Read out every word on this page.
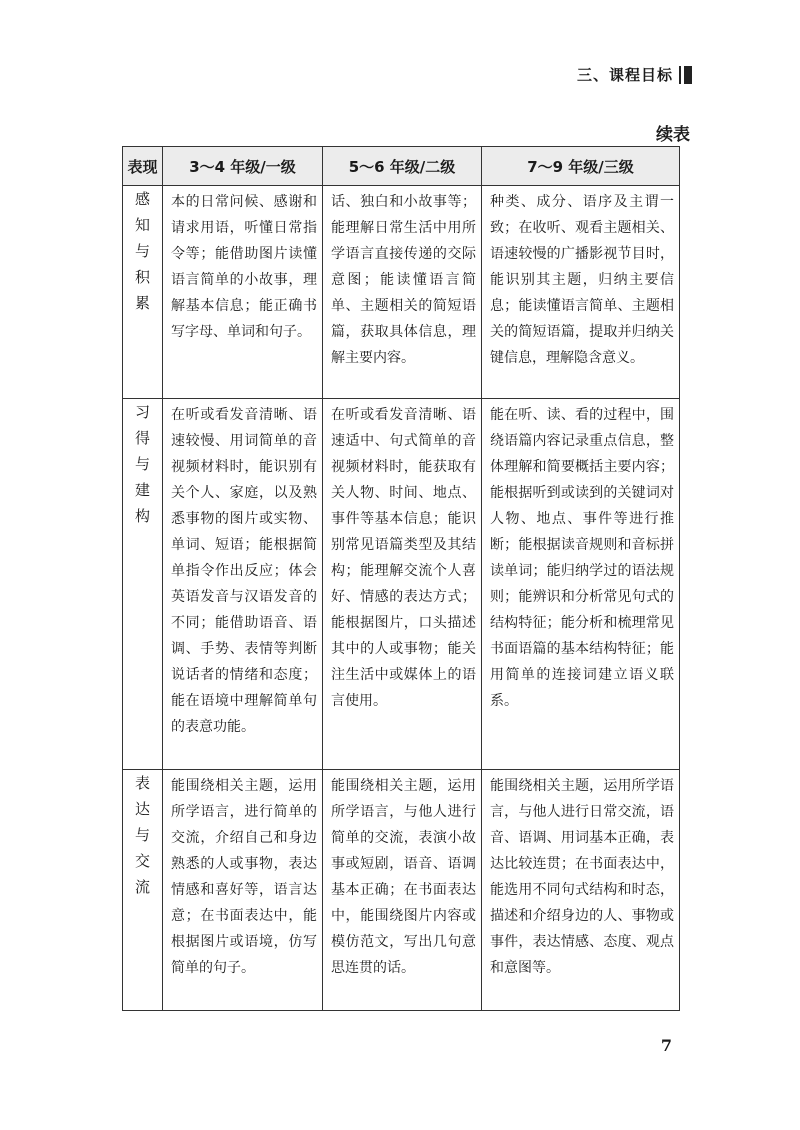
三、课程目标
续表
表现	3～4 年级/一级	5～6 年级/二级	7～9 年级/三级

感知与积累	本的日常问候、感谢和请求用语，听懂日常指令等；能借助图片读懂语言简单的小故事，理解基本信息；能正确书写字母、单词和句子。	话、独白和小故事等；能理解日常生活中用所学语言直接传递的交际意图；能读懂语言简单、主题相关的简短语篇，获取具体信息，理解主要内容。	种类、成分、语序及主谓一致；在收听、观看主题相关、语速较慢的广播影视节目时，能识别其主题，归纳主要信息；能读懂语言简单、主题相关的简短语篇，提取并归纳关键信息，理解隐含意义。

习得与建构	在听或看发音清晰、语速较慢、用词简单的音视频材料时，能识别有关个人、家庭，以及熟悉事物的图片或实物、单词、短语；能根据简单指令作出反应；体会英语发音与汉语发音的不同；能借助语音、语调、手势、表情等判断说话者的情绪和态度；能在语境中理解简单句的表意功能。	在听或看发音清晰、语速适中、句式简单的音视频材料时，能获取有关人物、时间、地点、事件等基本信息；能识别常见语篇类型及其结构；能理解交流个人喜好、情感的表达方式；能根据图片，口头描述其中的人或事物；能关注生活中或媒体上的语言使用。	能在听、读、看的过程中，围绕语篇内容记录重点信息，整体理解和简要概括主要内容；能根据听到或读到的关键词对人物、地点、事件等进行推断；能根据读音规则和音标拼读单词；能归纳学过的语法规则；能辨识和分析常见句式的结构特征；能分析和梳理常见书面语篇的基本结构特征；能用简单的连接词建立语义联系。

表达与交流	能围绕相关主题，运用所学语言，进行简单的交流，介绍自己和身边熟悉的人或事物，表达情感和喜好等，语言达意；在书面表达中，能根据图片或语境，仿写简单的句子。	能围绕相关主题，运用所学语言，与他人进行简单的交流，表演小故事或短剧，语音、语调基本正确；在书面表达中，能围绕图片内容或模仿范文，写出几句意思连贯的话。	能围绕相关主题，运用所学语言，与他人进行日常交流，语音、语调、用词基本正确，表达比较连贯；在书面表达中，能选用不同句式结构和时态，描述和介绍身边的人、事物或事件，表达情感、态度、观点和意图等。
7
